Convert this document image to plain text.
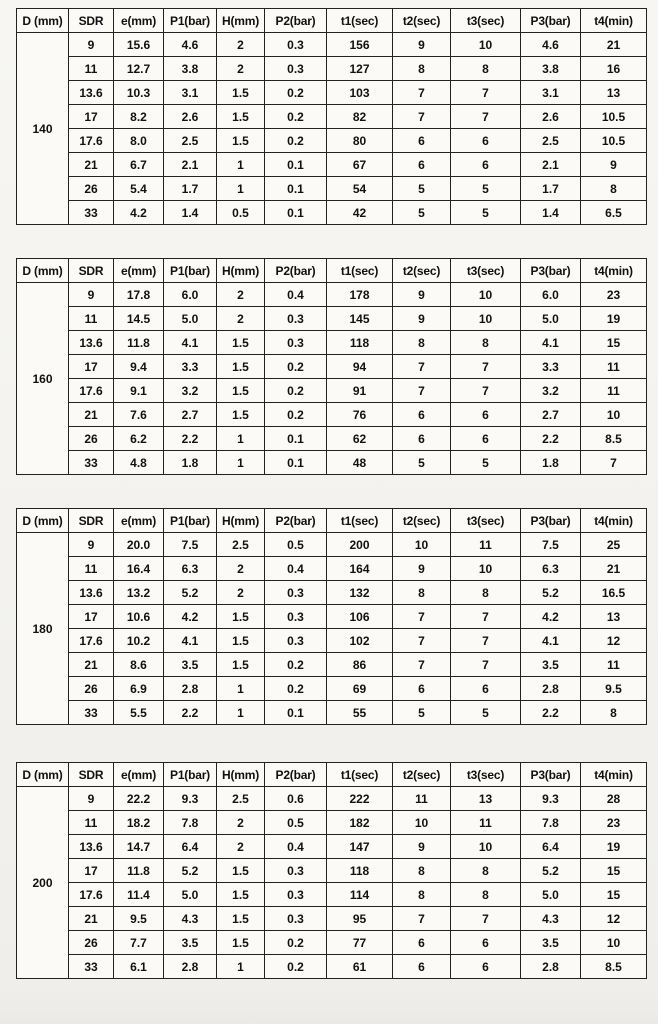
D (mm)	SDR	e(mm)	P1(bar)	H(mm)	P2(bar)	t1(sec)	t2(sec)	t3(sec)	P3(bar)	t4(min)
140	9	15.6	4.6	2	0.3	156	9	10	4.6	21
	11	12.7	3.8	2	0.3	127	8	8	3.8	16
	13.6	10.3	3.1	1.5	0.2	103	7	7	3.1	13
	17	8.2	2.6	1.5	0.2	82	7	7	2.6	10.5
	17.6	8.0	2.5	1.5	0.2	80	6	6	2.5	10.5
	21	6.7	2.1	1	0.1	67	6	6	2.1	9
	26	5.4	1.7	1	0.1	54	5	5	1.7	8
	33	4.2	1.4	0.5	0.1	42	5	5	1.4	6.5
D (mm)	SDR	e(mm)	P1(bar)	H(mm)	P2(bar)	t1(sec)	t2(sec)	t3(sec)	P3(bar)	t4(min)
160	9	17.8	6.0	2	0.4	178	9	10	6.0	23
	11	14.5	5.0	2	0.3	145	9	10	5.0	19
	13.6	11.8	4.1	1.5	0.3	118	8	8	4.1	15
	17	9.4	3.3	1.5	0.2	94	7	7	3.3	11
	17.6	9.1	3.2	1.5	0.2	91	7	7	3.2	11
	21	7.6	2.7	1.5	0.2	76	6	6	2.7	10
	26	6.2	2.2	1	0.1	62	6	6	2.2	8.5
	33	4.8	1.8	1	0.1	48	5	5	1.8	7
D (mm)	SDR	e(mm)	P1(bar)	H(mm)	P2(bar)	t1(sec)	t2(sec)	t3(sec)	P3(bar)	t4(min)
180	9	20.0	7.5	2.5	0.5	200	10	11	7.5	25
	11	16.4	6.3	2	0.4	164	9	10	6.3	21
	13.6	13.2	5.2	2	0.3	132	8	8	5.2	16.5
	17	10.6	4.2	1.5	0.3	106	7	7	4.2	13
	17.6	10.2	4.1	1.5	0.3	102	7	7	4.1	12
	21	8.6	3.5	1.5	0.2	86	7	7	3.5	11
	26	6.9	2.8	1	0.2	69	6	6	2.8	9.5
	33	5.5	2.2	1	0.1	55	5	5	2.2	8
D (mm)	SDR	e(mm)	P1(bar)	H(mm)	P2(bar)	t1(sec)	t2(sec)	t3(sec)	P3(bar)	t4(min)
200	9	22.2	9.3	2.5	0.6	222	11	13	9.3	28
	11	18.2	7.8	2	0.5	182	10	11	7.8	23
	13.6	14.7	6.4	2	0.4	147	9	10	6.4	19
	17	11.8	5.2	1.5	0.3	118	8	8	5.2	15
	17.6	11.4	5.0	1.5	0.3	114	8	8	5.0	15
	21	9.5	4.3	1.5	0.3	95	7	7	4.3	12
	26	7.7	3.5	1.5	0.2	77	6	6	3.5	10
	33	6.1	2.8	1	0.2	61	6	6	2.8	8.5
